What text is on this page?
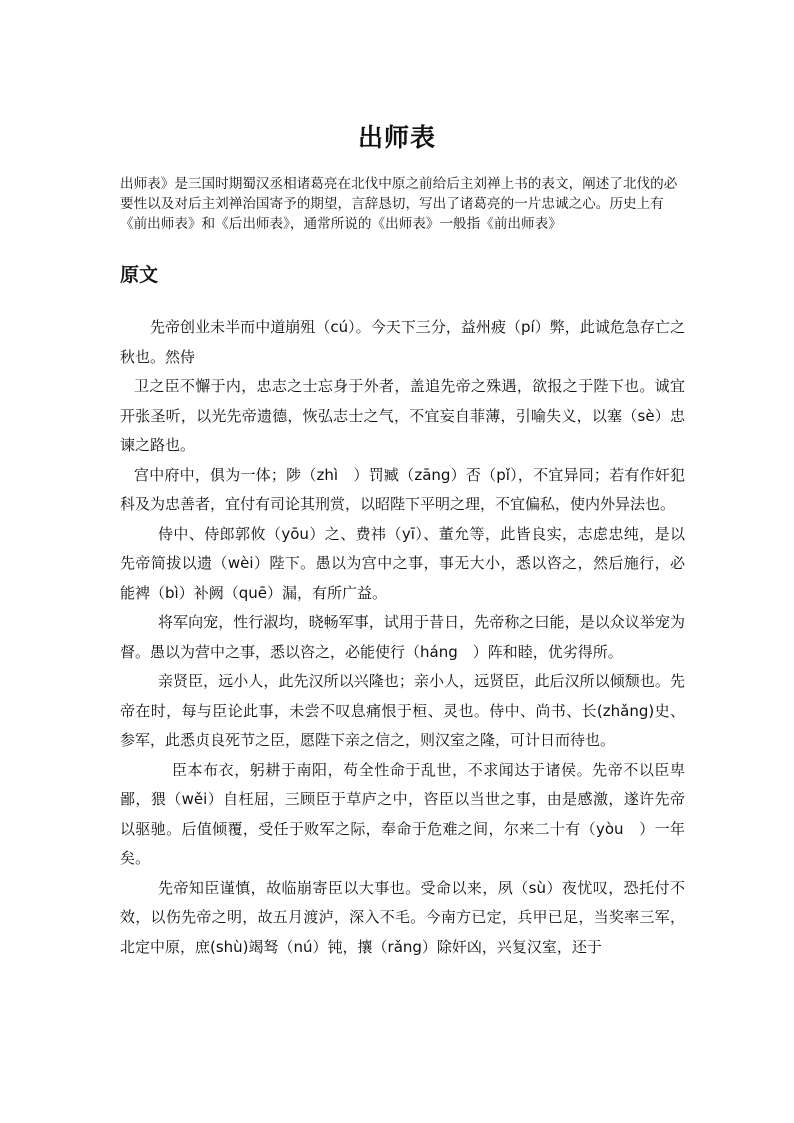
出师表

出师表》是三国时期蜀汉丞相诸葛亮在北伐中原之前给后主刘禅上书的表文，阐述了北伐的必要性以及对后主刘禅治国寄予的期望，言辞恳切，写出了诸葛亮的一片忠诚之心。历史上有《前出师表》和《后出师表》，通常所说的《出师表》一般指《前出师表》

原文

先帝创业未半而中道崩殂（cú）。今天下三分，益州疲（pí）弊，此诚危急存亡之秋也。然侍

卫之臣不懈于内，忠志之士忘身于外者，盖追先帝之殊遇，欲报之于陛下也。诚宜开张圣听，以光先帝遗德，恢弘志士之气，不宜妄自菲薄，引喻失义，以塞（sè）忠谏之路也。

宫中府中，俱为一体；陟（zhì　）罚臧（zāng）否（pǐ），不宜异同；若有作奸犯科及为忠善者，宜付有司论其刑赏，以昭陛下平明之理，不宜偏私，使内外异法也。

侍中、侍郎郭攸（yōu）之、费祎（yī）、董允等，此皆良实，志虑忠纯，是以先帝简拔以遗（wèi）陛下。愚以为宫中之事，事无大小，悉以咨之，然后施行，必能裨（bì）补阙（quē）漏，有所广益。

将军向宠，性行淑均，晓畅军事，试用于昔日，先帝称之曰能，是以众议举宠为督。愚以为营中之事，悉以咨之，必能使行（háng　）阵和睦，优劣得所。

亲贤臣，远小人，此先汉所以兴隆也；亲小人，远贤臣，此后汉所以倾颓也。先帝在时，每与臣论此事，未尝不叹息痛恨于桓、灵也。侍中、尚书、长(zhǎng)史、参军，此悉贞良死节之臣，愿陛下亲之信之，则汉室之隆，可计日而待也。

臣本布衣，躬耕于南阳，苟全性命于乱世，不求闻达于诸侯。先帝不以臣卑鄙，猥（wěi）自枉屈，三顾臣于草庐之中，咨臣以当世之事，由是感激，遂许先帝以驱驰。后值倾覆，受任于败军之际，奉命于危难之间，尔来二十有（yòu　）一年矣。

先帝知臣谨慎，故临崩寄臣以大事也。受命以来，夙（sù）夜忧叹，恐托付不效，以伤先帝之明，故五月渡泸，深入不毛。今南方已定，兵甲已足，当奖率三军，北定中原，庶(shù)竭驽（nú）钝，攘（rǎng）除奸凶，兴复汉室，还于
